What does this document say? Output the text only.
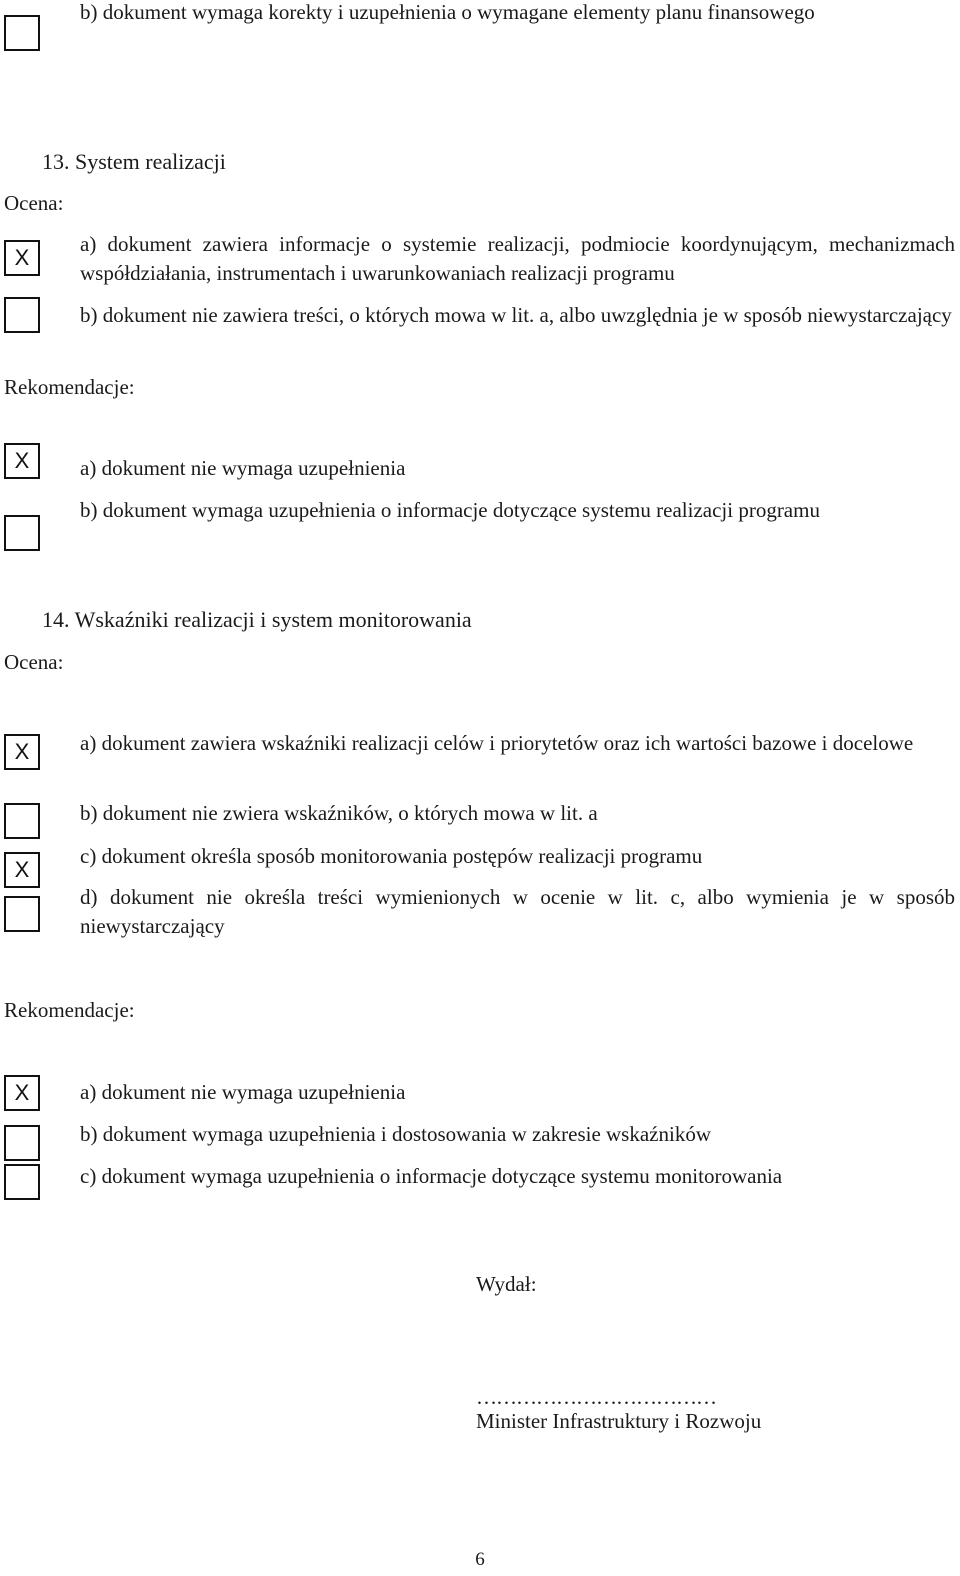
b) dokument wymaga korekty i uzupełnienia o wymagane elementy planu finansowego
13. System realizacji
Ocena:
X
a) dokument zawiera informacje o systemie realizacji, podmiocie koordynującym, mechanizmach współdziałania, instrumentach i uwarunkowaniach realizacji programu
b) dokument nie zawiera treści, o których mowa w lit. a, albo uwzględnia je w sposób niewystarczający
Rekomendacje:
X	a) dokument nie wymaga uzupełnienia
b) dokument wymaga uzupełnienia o informacje dotyczące systemu realizacji programu
14. Wskaźniki realizacji i system monitorowania
Ocena:
X	a) dokument zawiera wskaźniki realizacji celów i priorytetów oraz ich wartości bazowe i docelowe
b) dokument nie zwiera wskaźników, o których mowa w lit. a
X
c) dokument określa sposób monitorowania postępów realizacji programu
d) dokument nie określa treści wymienionych w ocenie w lit. c, albo wymienia je w sposób niewystarczający
Rekomendacje:
X	a) dokument nie wymaga uzupełnienia
b) dokument wymaga uzupełnienia i dostosowania w zakresie wskaźników
c) dokument wymaga uzupełnienia o informacje dotyczące systemu monitorowania
Wydał:
………………………………
Minister Infrastruktury i Rozwoju
6
